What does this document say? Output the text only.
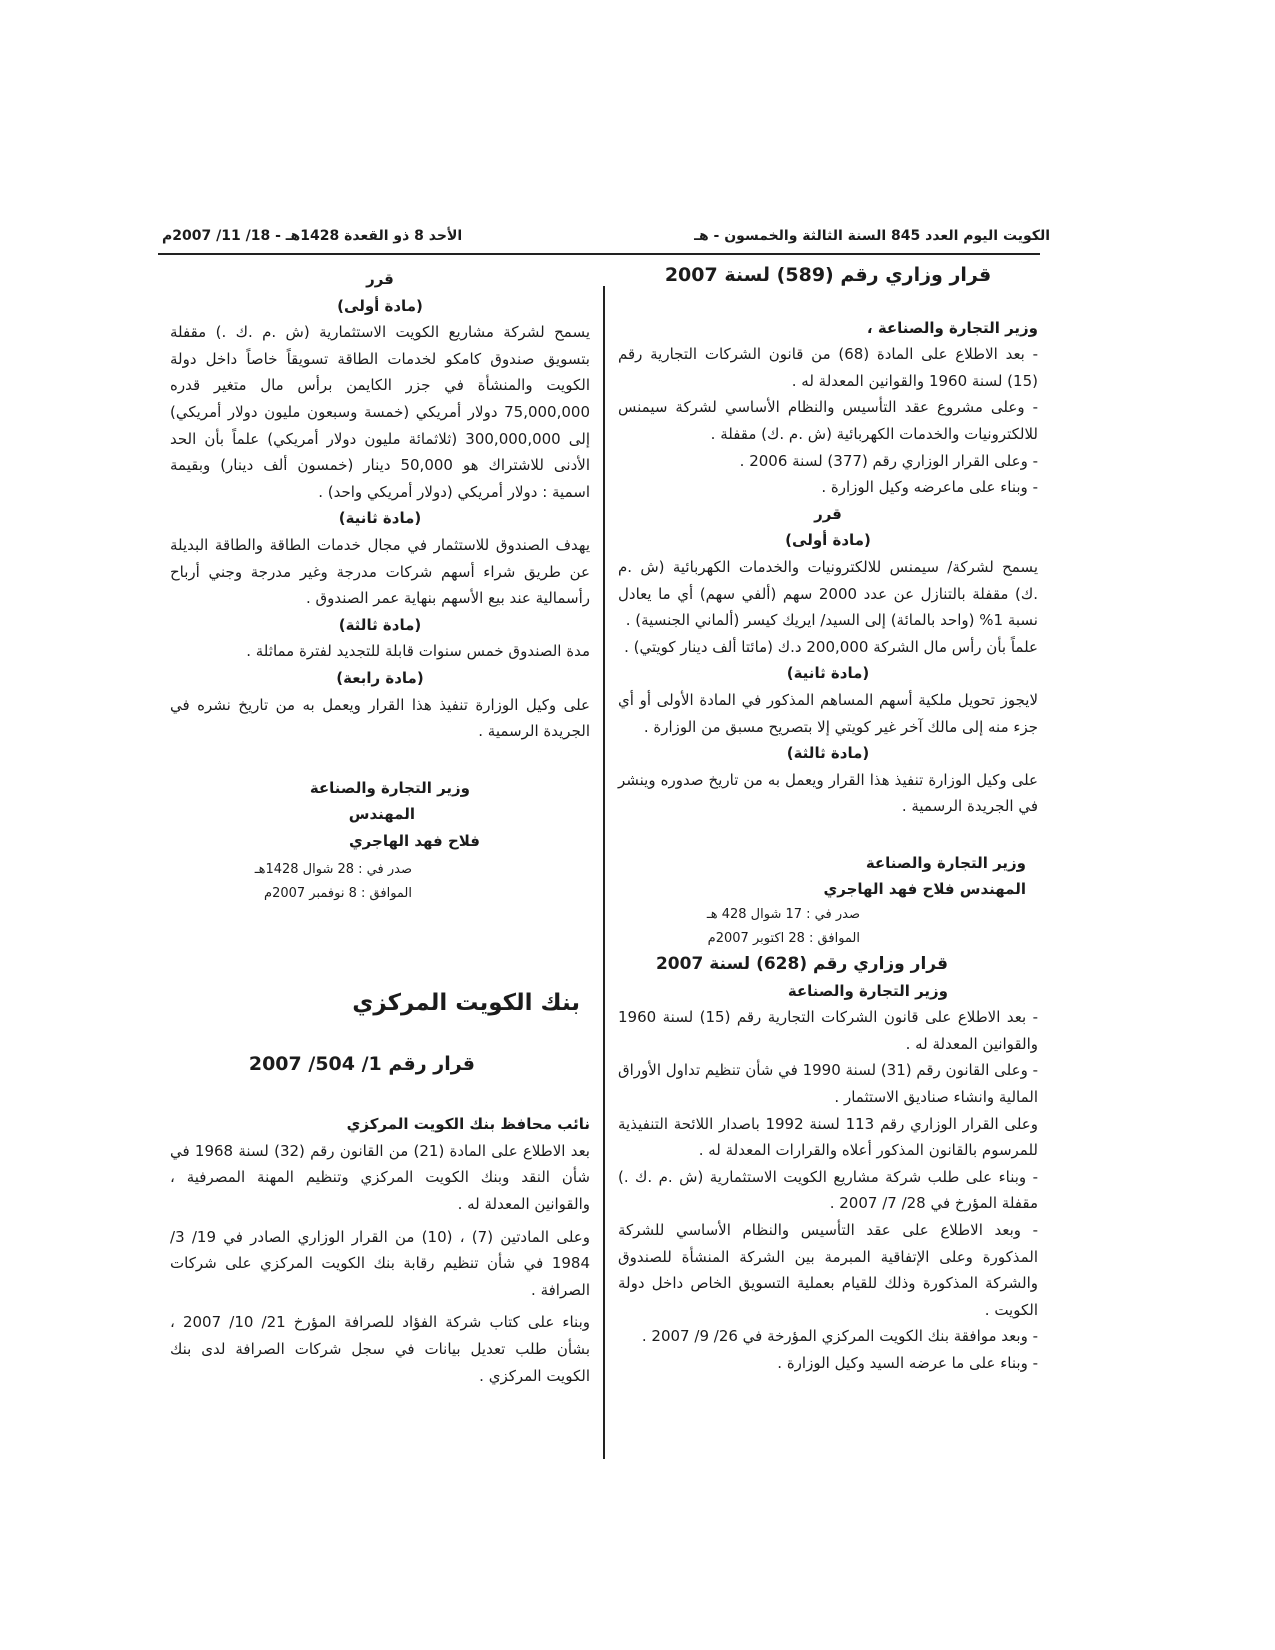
الكويت اليوم العدد 845 السنة الثالثة والخمسون - هـ
الأحد 8 ذو القعدة 1428هـ - 18/ 11/ 2007م

قرار وزاري رقم (589) لسنة 2007

وزير التجارة والصناعة ،

- بعد الاطلاع على المادة (68) من قانون الشركات التجارية رقم (15) لسنة 1960 والقوانين المعدلة له .

- وعلى مشروع عقد التأسيس والنظام الأساسي لشركة سيمنس للالكترونيات والخدمات الكهربائية (ش .م .ك) مقفلة .

- وعلى القرار الوزاري رقم (377) لسنة 2006 .

- وبناء على ماعرضه وكيل الوزارة .

قرر

(مادة أولى)

يسمح لشركة/ سيمنس للالكترونيات والخدمات الكهربائية (ش .م .ك) مقفلة بالتنازل عن عدد 2000 سهم (ألفي سهم) أي ما يعادل نسبة 1% (واحد بالمائة) إلى السيد/ ايريك كيسر (ألماني الجنسية) .

علماً بأن رأس مال الشركة 200,000 د.ك (مائتا ألف دينار كويتي) .

(مادة ثانية)

لايجوز تحويل ملكية أسهم المساهم المذكور في المادة الأولى أو أي جزء منه إلى مالك آخر غير كويتي إلا بتصريح مسبق من الوزارة .

(مادة ثالثة)

على وكيل الوزارة تنفيذ هذا القرار ويعمل به من تاريخ صدوره وينشر في الجريدة الرسمية .

وزير التجارة والصناعة

المهندس فلاح فهد الهاجري

صدر في : 17 شوال 428 هـ

الموافق : 28 اكتوبر 2007م

قرار وزاري رقم (628) لسنة 2007

وزير التجارة والصناعة

- بعد الاطلاع على قانون الشركات التجارية رقم (15) لسنة 1960 والقوانين المعدلة له .

- وعلى القانون رقم (31) لسنة 1990 في شأن تنظيم تداول الأوراق المالية وانشاء صناديق الاستثمار .

وعلى القرار الوزاري رقم 113 لسنة 1992 باصدار اللائحة التنفيذية للمرسوم بالقانون المذكور أعلاه والقرارات المعدلة له .

- وبناء على طلب شركة مشاريع الكويت الاستثمارية (ش .م .ك .) مقفلة المؤرخ في 28/ 7/ 2007 .

- وبعد الاطلاع على عقد التأسيس والنظام الأساسي للشركة المذكورة وعلى الإتفاقية المبرمة بين الشركة المنشأة للصندوق والشركة المذكورة وذلك للقيام بعملية التسويق الخاص داخل دولة الكويت .

- وبعد موافقة بنك الكويت المركزي المؤرخة في 26/ 9/ 2007 .

- وبناء على ما عرضه السيد وكيل الوزارة .

قرر

(مادة أولى)

يسمح لشركة مشاريع الكويت الاستثمارية (ش .م .ك .) مقفلة بتسويق صندوق كامكو لخدمات الطاقة تسويقاً خاصاً داخل دولة الكويت والمنشأة في جزر الكايمن برأس مال متغير قدره 75,000,000 دولار أمريكي (خمسة وسبعون مليون دولار أمريكي) إلى 300,000,000 (ثلاثمائة مليون دولار أمريكي) علماً بأن الحد الأدنى للاشتراك هو 50,000 دينار (خمسون ألف دينار) وبقيمة اسمية : دولار أمريكي (دولار أمريكي واحد) .

(مادة ثانية)

يهدف الصندوق للاستثمار في مجال خدمات الطاقة والطاقة البديلة عن طريق شراء أسهم شركات مدرجة وغير مدرجة وجني أرباح رأسمالية عند بيع الأسهم بنهاية عمر الصندوق .

(مادة ثالثة)

مدة الصندوق خمس سنوات قابلة للتجديد لفترة مماثلة .

(مادة رابعة)

على وكيل الوزارة تنفيذ هذا القرار ويعمل به من تاريخ نشره في الجريدة الرسمية .

وزير التجارة والصناعة

المهندس

فلاح فهد الهاجري

صدر في : 28 شوال 1428هـ

الموافق : 8 نوفمبر 2007م

بنك الكويت المركزي

قرار رقم 1/ 504/ 2007

نائب محافظ بنك الكويت المركزي

بعد الاطلاع على المادة (21) من القانون رقم (32) لسنة 1968 في شأن النقد وبنك الكويت المركزي وتنظيم المهنة المصرفية ، والقوانين المعدلة له .

وعلى المادتين (7) ، (10) من القرار الوزاري الصادر في 19/ 3/ 1984 في شأن تنظيم رقابة بنك الكويت المركزي على شركات الصرافة .

وبناء على كتاب شركة الفؤاد للصرافة المؤرخ 21/ 10/ 2007 ، بشأن طلب تعديل بيانات في سجل شركات الصرافة لدى بنك الكويت المركزي .
